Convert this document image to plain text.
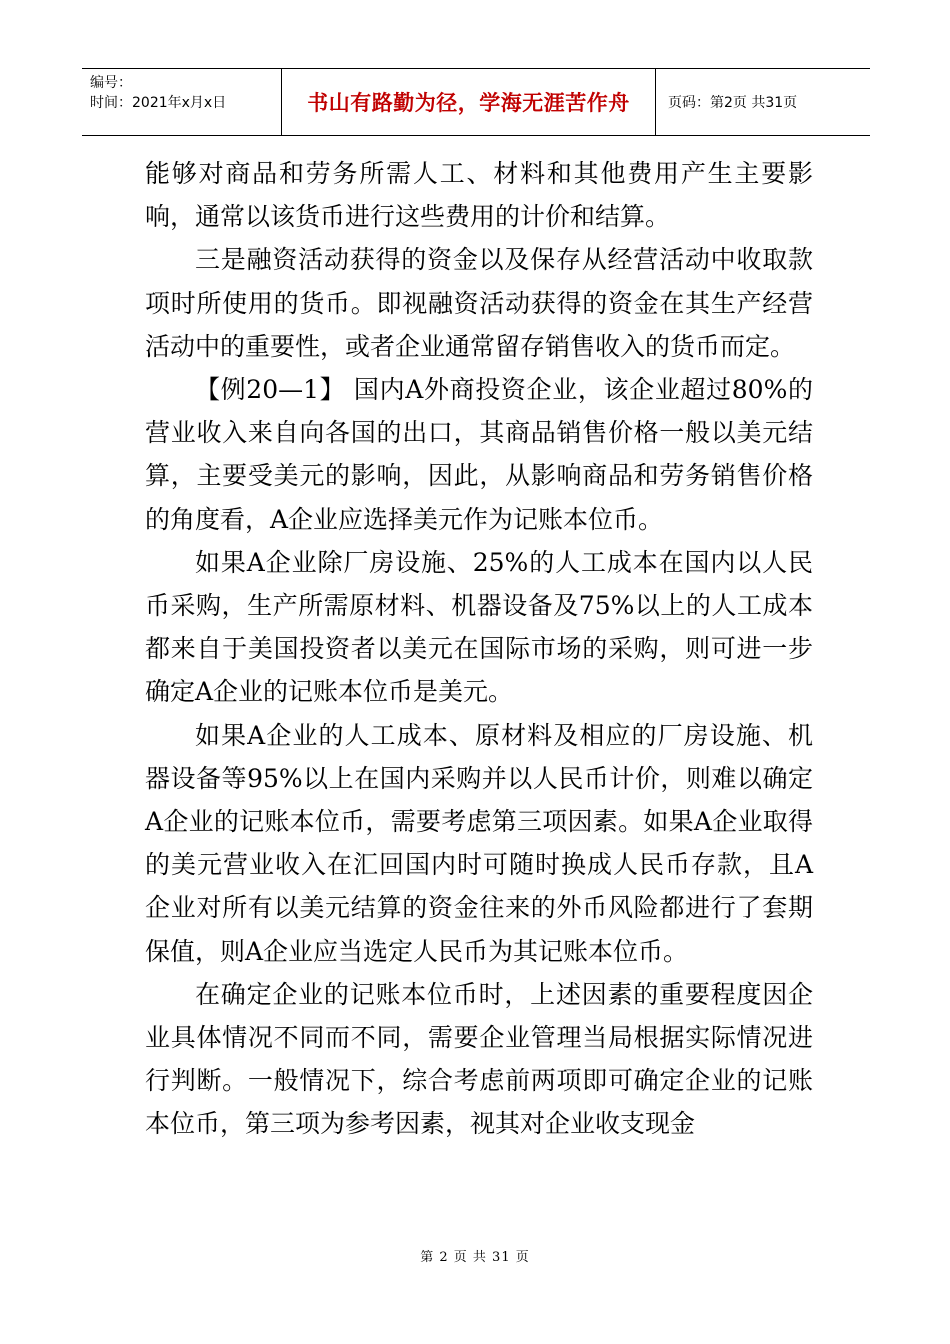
编号：
时间：2021年x月x日	书山有路勤为径，学海无涯苦作舟	页码：第2页 共31页

能够对商品和劳务所需人工、材料和其他费用产生主要影响，通常以该货币进行这些费用的计价和结算。

三是融资活动获得的资金以及保存从经营活动中收取款项时所使用的货币。即视融资活动获得的资金在其生产经营活动中的重要性，或者企业通常留存销售收入的货币而定。

【例20—1】 国内A外商投资企业，该企业超过80%的营业收入来自向各国的出口，其商品销售价格一般以美元结算，主要受美元的影响，因此，从影响商品和劳务销售价格的角度看，A企业应选择美元作为记账本位币。

如果A企业除厂房设施、25%的人工成本在国内以人民币采购，生产所需原材料、机器设备及75%以上的人工成本都来自于美国投资者以美元在国际市场的采购，则可进一步确定A企业的记账本位币是美元。

如果A企业的人工成本、原材料及相应的厂房设施、机器设备等95%以上在国内采购并以人民币计价，则难以确定A企业的记账本位币，需要考虑第三项因素。如果A企业取得的美元营业收入在汇回国内时可随时换成人民币存款，且A企业对所有以美元结算的资金往来的外币风险都进行了套期保值，则A企业应当选定人民币为其记账本位币。

在确定企业的记账本位币时，上述因素的重要程度因企业具体情况不同而不同，需要企业管理当局根据实际情况进行判断。一般情况下，综合考虑前两项即可确定企业的记账本位币，第三项为参考因素，视其对企业收支现金

第 2 页 共 31 页
